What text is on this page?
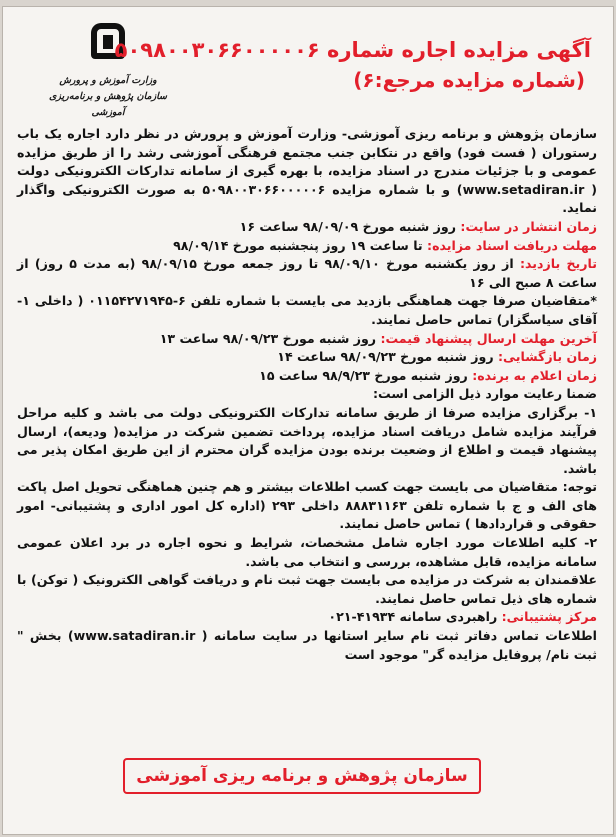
وزارت آموزش و پرورش
سازمان پژوهش و برنامه‌ریزی آموزشی
آگهی مزایده اجاره شماره ۵۰۹۸۰۰۳۰۶۶۰۰۰۰۰۶
(شماره مزایده مرجع:۶)

سازمان پژوهش و برنامه ریزی آموزشی- وزارت آموزش و پرورش در نظر دارد اجاره یک باب رستوران ( فست فود) واقع در نتکابن جنب مجتمع فرهنگی آموزشی رشد را از طریق مزایده عمومی و با جزئیات مندرج در اسناد مزایده، با بهره گیری از سامانه تدارکات الکترونیکی دولت ( www.setadiran.ir) و با شماره مزایده ۵۰۹۸۰۰۳۰۶۶۰۰۰۰۰۶ به صورت الکترونیکی واگذار نماید.

زمان انتشار در سایت: روز شنبه مورخ ۹۸/۰۹/۰۹ ساعت ۱۶

مهلت دریافت اسناد مزایده: تا ساعت ۱۹ روز پنجشنبه مورخ ۹۸/۰۹/۱۴

تاریخ بازدید: از روز یکشنبه مورخ ۹۸/۰۹/۱۰ تا روز جمعه مورخ ۹۸/۰۹/۱۵ (به مدت ۵ روز) از ساعت ۸ صبح الی ۱۶

*متقاضیان صرفا جهت هماهنگی بازدید می بایست با شماره تلفن ۶-۰۱۱۵۴۲۷۱۹۴۵ ( داخلی ۱- آقای سیاسگزار) تماس حاصل نمایند.

آخرین مهلت ارسال پیشنهاد قیمت: روز شنبه مورخ ۹۸/۰۹/۲۳ ساعت ۱۳

زمان بازگشایی: روز شنبه مورخ ۹۸/۰۹/۲۳ ساعت ۱۴

زمان اعلام به برنده: روز شنبه مورخ ۹۸/۹/۲۳ ساعت ۱۵

ضمنا رعایت موارد ذیل الزامی است:

۱- برگزاری مزایده صرفا از طریق سامانه تدارکات الکترونیکی دولت می باشد و کلیه مراحل فرآیند مزایده شامل دریافت اسناد مزایده، پرداخت تضمین شرکت در مزایده( ودیعه)، ارسال پیشنهاد قیمت و اطلاع از وضعیت برنده بودن مزایده گران محترم از این طریق امکان پذیر می باشد.

توجه: متقاضیان می بایست جهت کسب اطلاعات بیشتر و هم چنین هماهنگی تحویل اصل پاکت های الف و ج با شماره تلفن ۸۸۸۳۱۱۶۳ داخلی ۲۹۳ (اداره کل امور اداری و پشتیبانی- امور حقوقی و قراردادها ) تماس حاصل نمایند.

۲- کلیه اطلاعات مورد اجاره شامل مشخصات، شرایط و نحوه اجاره در برد اعلان عمومی سامانه مزایده، قابل مشاهده، بررسی و انتخاب می باشد.

علاقمندان به شرکت در مزایده می بایست جهت ثبت نام و دریافت گواهی الکترونیک ( توکن) با شماره های ذیل تماس حاصل نمایند.

مرکز پشتیبانی: راهبردی سامانه ۴۱۹۳۴-۰۲۱

اطلاعات تماس دفاتر ثبت نام سایر استانها در سایت سامانه ( www.satadiran.ir) بخش " ثبت نام/ پروفایل مزایده گر" موجود است

سازمان پژوهش و برنامه ریزی آموزشی
